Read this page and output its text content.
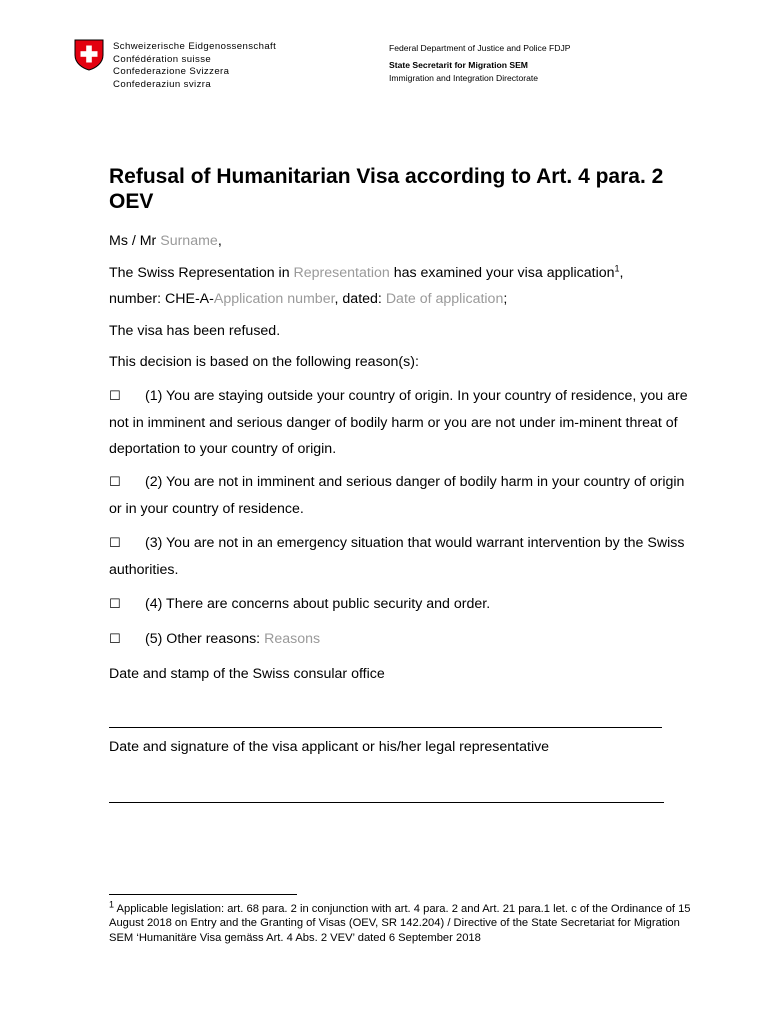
Schweizerische Eidgenossenschaft
Confédération suisse
Confederazione Svizzera
Confederaziun svizra
Federal Department of Justice and Police FDJP
State Secretarit for Migration SEM
Immigration and Integration Directorate
Refusal of Humanitarian Visa according to Art. 4 para. 2 OEV
Ms / Mr Surname,
The Swiss Representation in Representation has examined your visa application$^1$,
number: CHE-A-Application number, dated: Date of application;
The visa has been refused.
This decision is based on the following reason(s):
☐ (1) You are staying outside your country of origin. In your country of residence, you are not in imminent and serious danger of bodily harm or you are not under im-minent threat of deportation to your country of origin.
☐ (2) You are not in imminent and serious danger of bodily harm in your country of origin or in your country of residence.
☐ (3) You are not in an emergency situation that would warrant intervention by the Swiss authorities.
☐ (4) There are concerns about public security and order.
☐ (5) Other reasons: Reasons
Date and stamp of the Swiss consular office
Date and signature of the visa applicant or his/her legal representative
$^1$ Applicable legislation: art. 68 para. 2 in conjunction with art. 4 para. 2 and Art. 21 para.1 let. c of the Ordinance of 15 August 2018 on Entry and the Granting of Visas (OEV, SR 142.204) / Directive of the State Secretariat for Migration SEM ‘Humanitäre Visa gemäss Art. 4 Abs. 2 VEV’ dated 6 September 2018
